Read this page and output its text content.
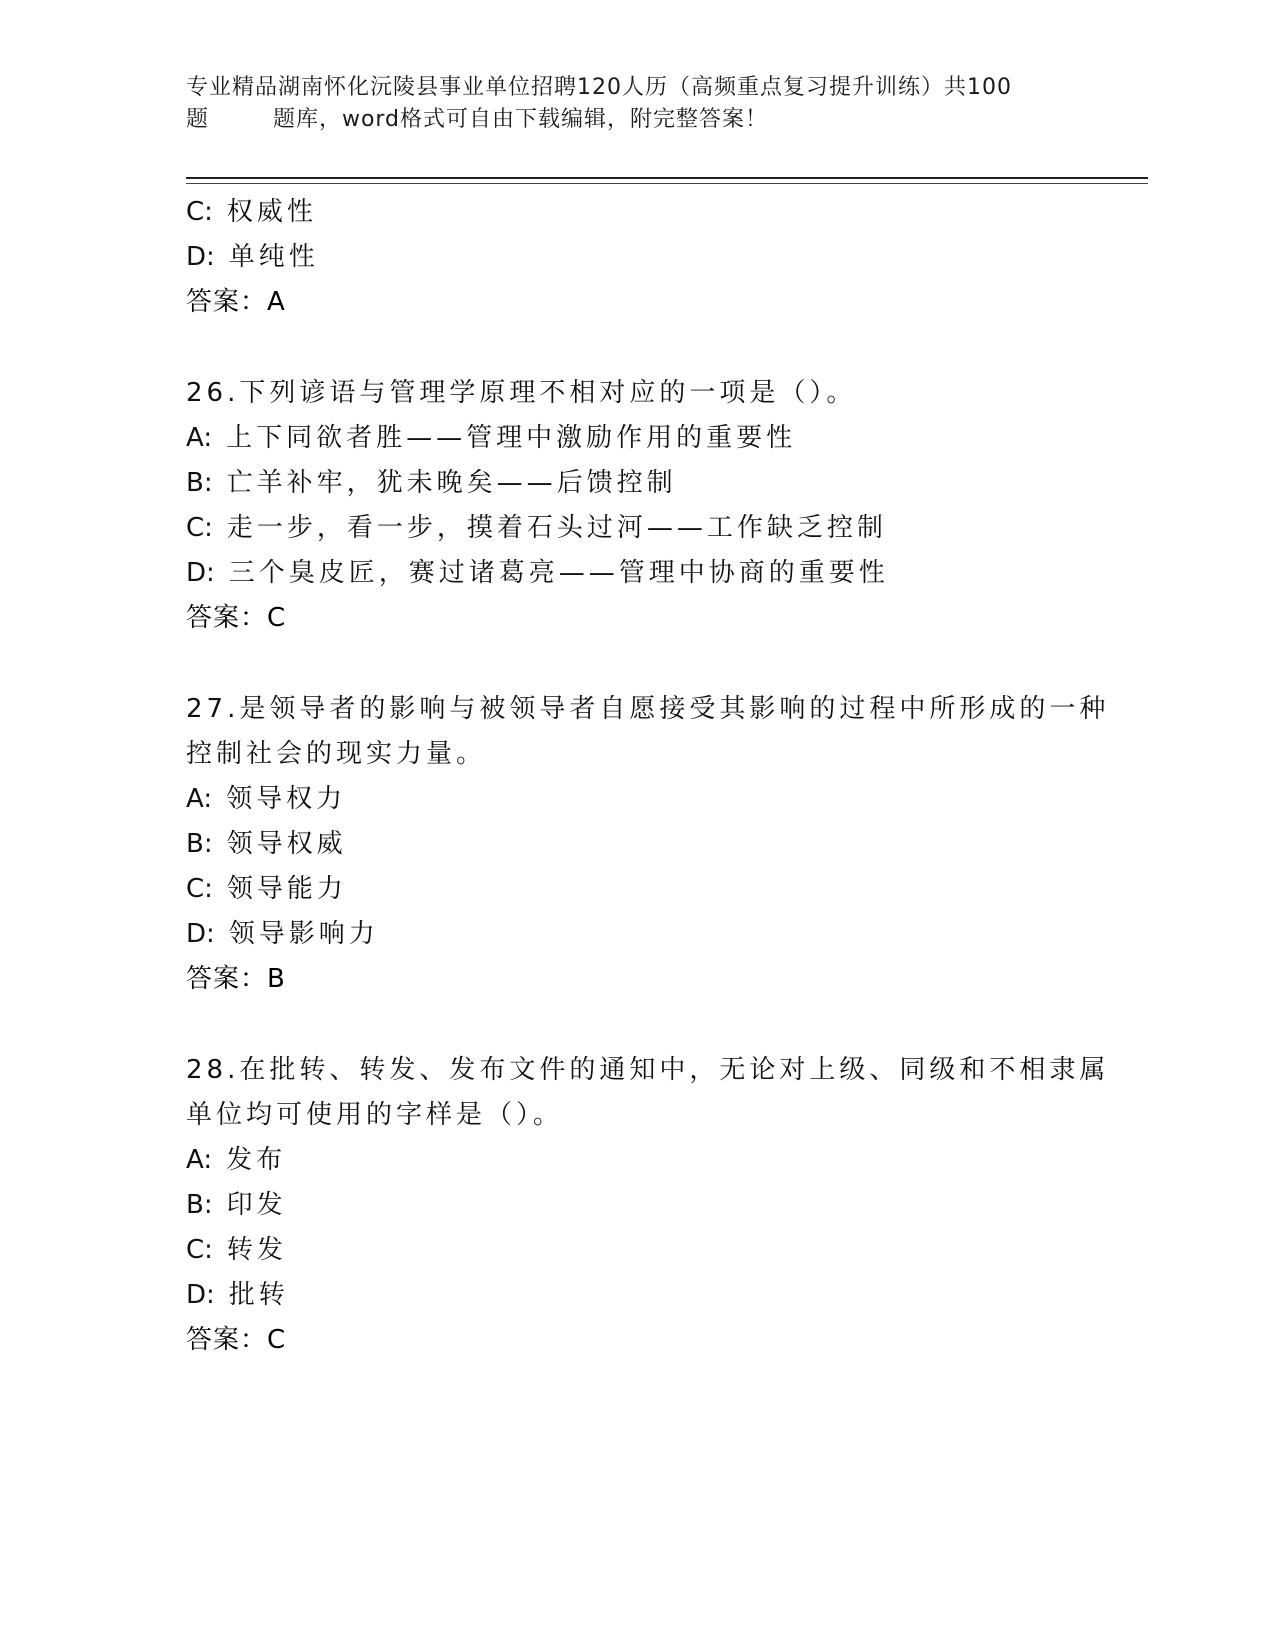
专业精品湖南怀化沅陵县事业单位招聘120人历（高频重点复习提升训练）共100
题        题库，word格式可自由下载编辑，附完整答案！
C: 权威性
D: 单纯性
答案：A
26.下列谚语与管理学原理不相对应的一项是（）。
A: 上下同欲者胜——管理中激励作用的重要性
B: 亡羊补牢，犹未晚矣——后馈控制
C: 走一步，看一步，摸着石头过河——工作缺乏控制
D: 三个臭皮匠，赛过诸葛亮——管理中协商的重要性
答案：C
27.是领导者的影响与被领导者自愿接受其影响的过程中所形成的一种
控制社会的现实力量。
A: 领导权力
B: 领导权威
C: 领导能力
D: 领导影响力
答案：B
28.在批转、转发、发布文件的通知中，无论对上级、同级和不相隶属
单位均可使用的字样是（）。
A: 发布
B: 印发
C: 转发
D: 批转
答案：C
